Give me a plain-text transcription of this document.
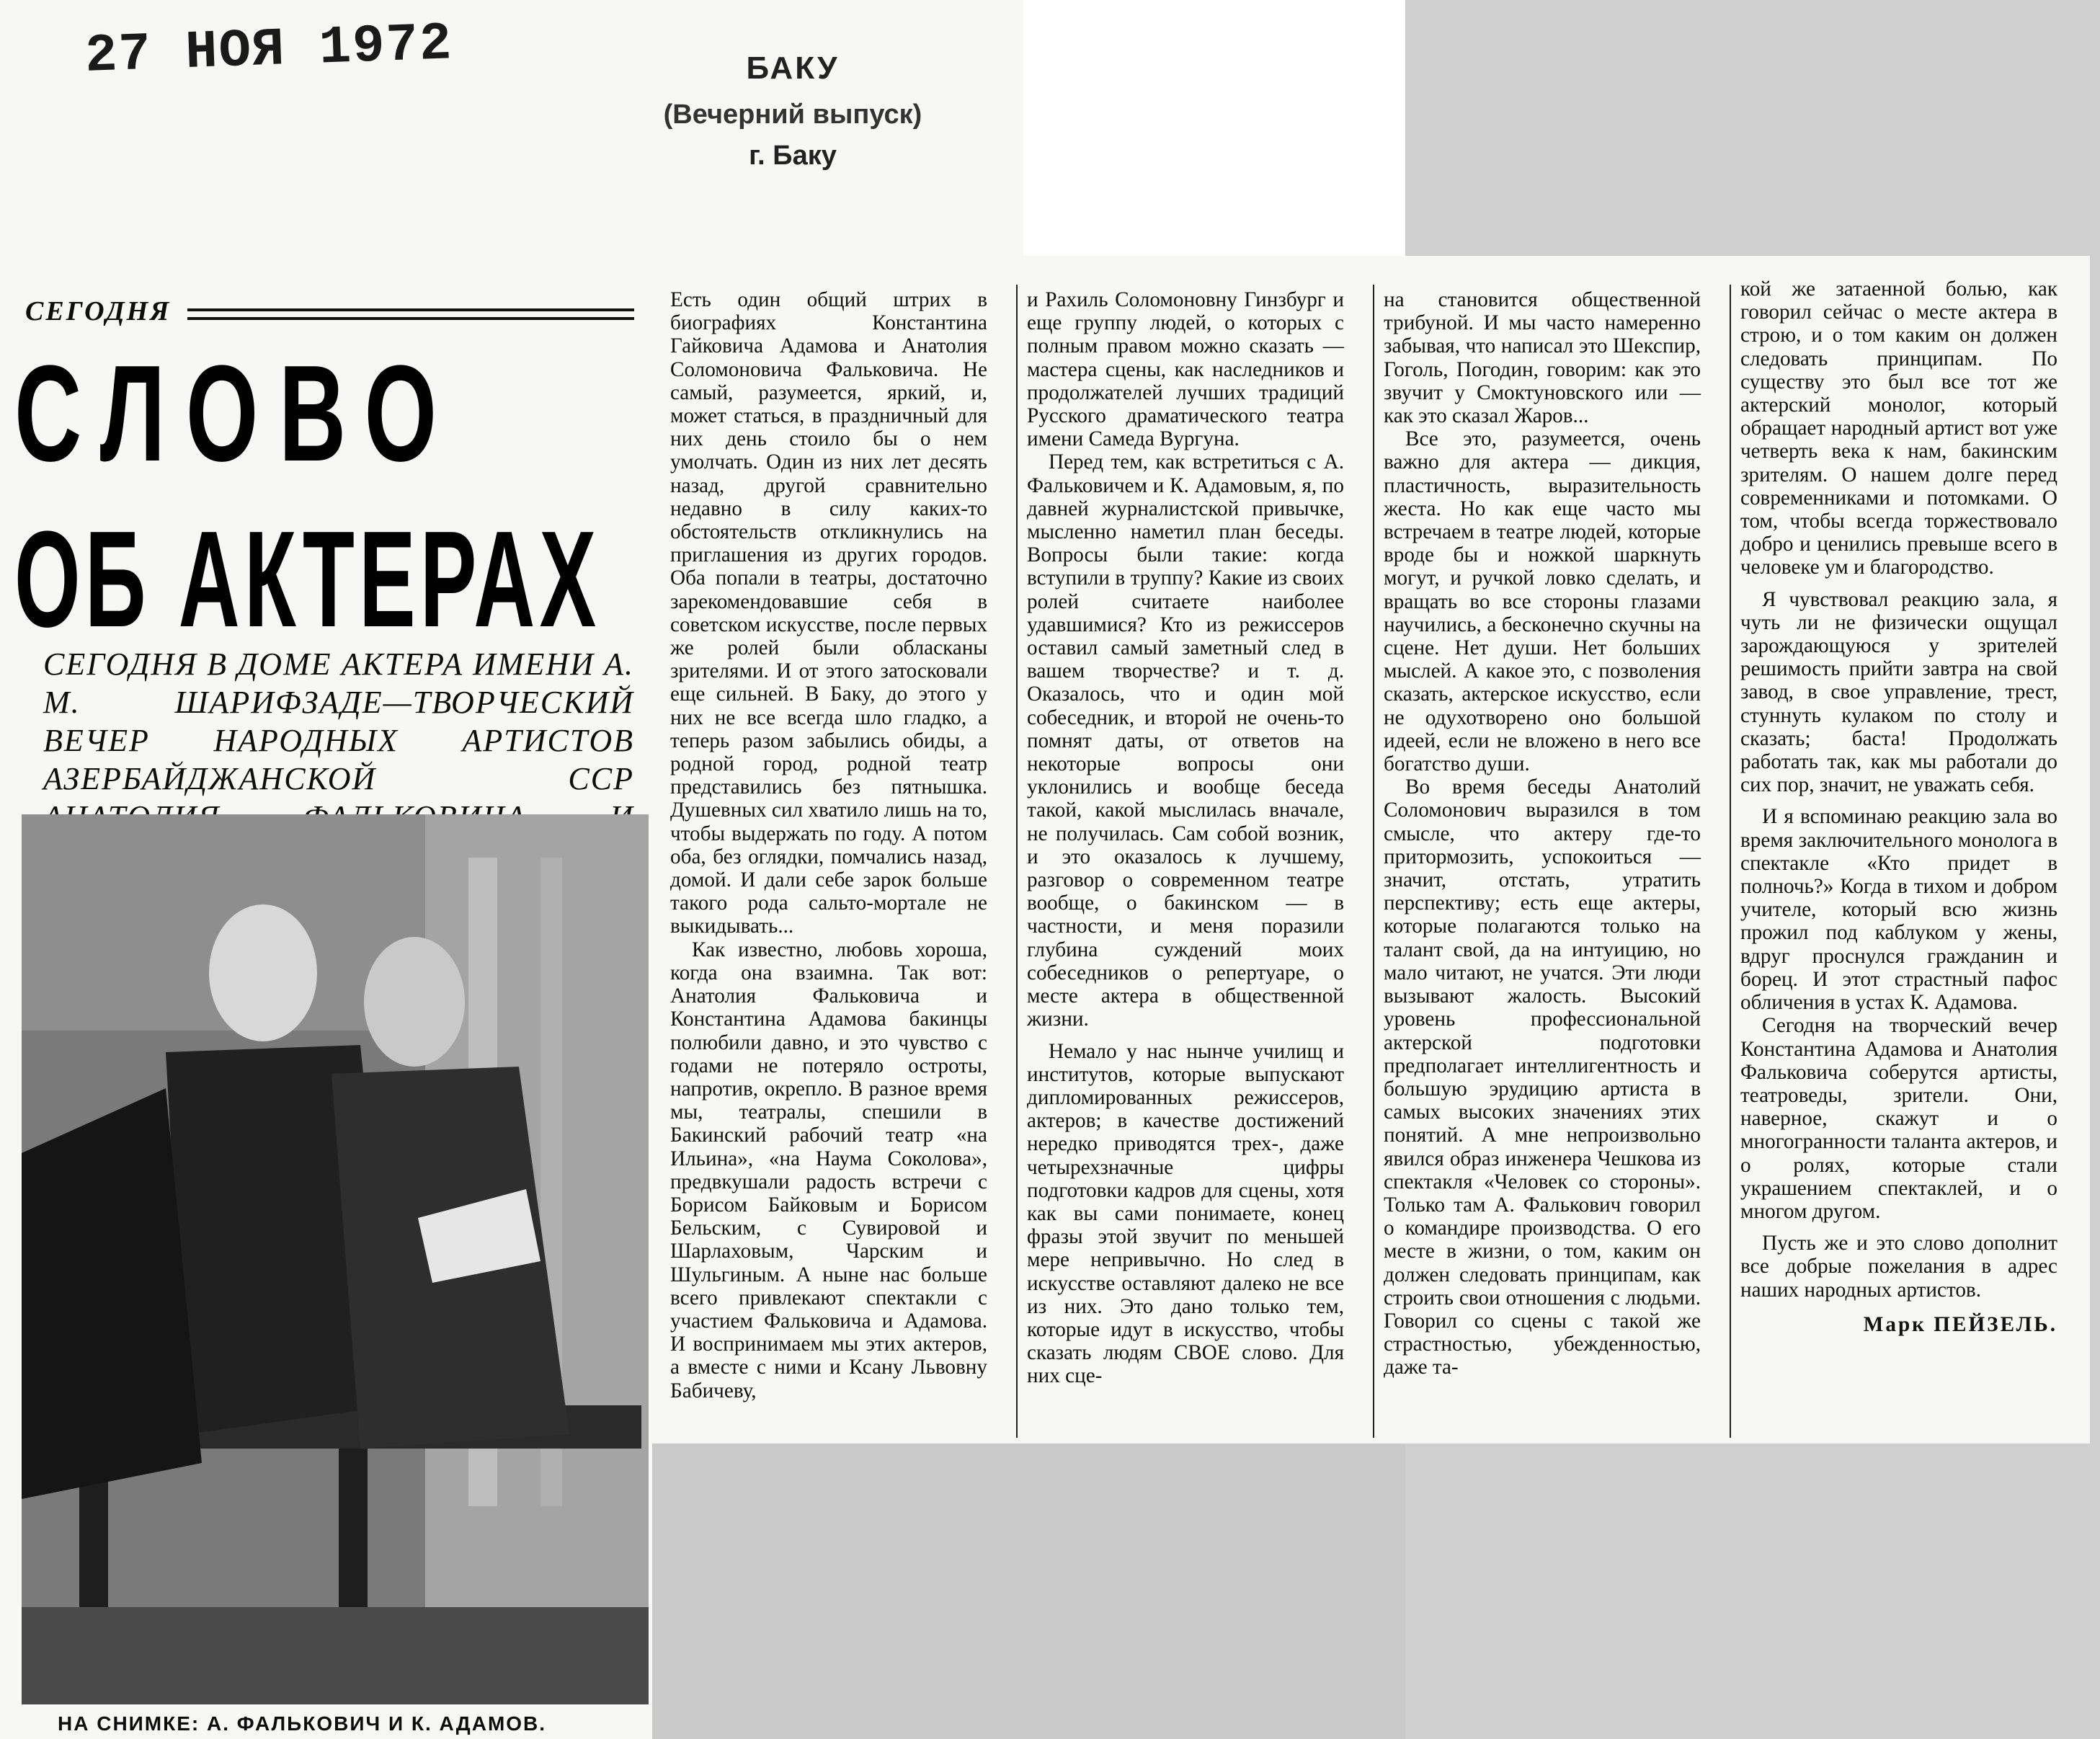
27 НОЯ 1972	БАКУ
(Вечерний выпуск)
г. Баку
СЕГОДНЯ
СЛОВО
ОБ АКТЕРАХ
СЕГОДНЯ В ДОМЕ АКТЕРА ИМЕНИ А. М. ШАРИФЗАДЕ—ТВОРЧЕСКИЙ ВЕЧЕР НАРОДНЫХ АРТИСТОВ АЗЕРБАЙДЖАНСКОЙ ССР
НА СНИМКЕ: А. ФАЛЬКОВИЧ И К. АДАМОВ.

Есть один общий штрих в биографиях Константина Гайковича Адамова и Анатолия Соломоновича Фальковича. Не самый, разумеется, яркий, и, может статься, в праздничный для них день стоило бы о нем умолчать. Один из них лет десять назад, другой сравнительно недавно в силу каких-то обстоятельств откликнулись на приглашения из других городов. Оба попали в театры, достаточно зарекомендовавшие себя в советском искусстве, после первых же ролей были обласканы зрителями. И от этого затосковали еще сильней. В Баку, до этого у них не все всегда шло гладко, а теперь разом забылись обиды, а родной город, родной театр представились без пятнышка. Душевных сил хватило лишь на то, чтобы выдержать по году. А потом оба, без оглядки, помчались назад, домой. И дали себе зарок больше такого рода сальто-мортале не выкидывать...

Как известно, любовь хороша, когда она взаимна. Так вот: Анатолия Фальковича и Константина Адамова бакинцы полюбили давно, и это чувство с годами не потеряло остроты, напротив, окрепло. В разное время мы, театралы, спешили в Бакинский рабочий театр «на Ильина», «на Наума Соколова», предвкушали радость встречи с Борисом Байковым и Борисом Бельским, с Сувировой и Шарлаховым, Чарским и Шульгиным. А ныне нас больше всего привлекают спектакли с участием Фальковича и Адамова. И воспринимаем мы этих актеров, а вместе с ними и Ксану Львовну Бабичеву,

и Рахиль Соломоновну Гинзбург и еще группу людей, о которых с полным правом можно сказать — мастера сцены, как наследников и продолжателей лучших традиций Русского драматического театра имени Самеда Вургуна.

Перед тем, как встретиться с А. Фальковичем и К. Адамовым, я, по давней журналистской привычке, мысленно наметил план беседы. Вопросы были такие: когда вступили в труппу? Какие из своих ролей считаете наиболее удавшимися? Кто из режиссеров оставил самый заметный след в вашем творчестве? и т. д. Оказалось, что и один мой собеседник, и второй не очень-то помнят даты, от ответов на некоторые вопросы они уклонились и вообще беседа такой, какой мыслилась вначале, не получилась. Сам собой возник, и это оказалось к лучшему, разговор о современном театре вообще, о бакинском — в частности, и меня поразили глубина суждений моих собеседников о репертуаре, о месте актера в общественной жизни.

Немало у нас нынче училищ и институтов, которые выпускают дипломированных режиссеров, актеров; в качестве достижений нередко приводятся трех-, даже четырехзначные цифры подготовки кадров для сцены, хотя как вы сами понимаете, конец фразы этой звучит по меньшей мере непривычно. Но след в искусстве оставляют далеко не все из них. Это дано только тем, которые идут в искусство, чтобы сказать людям СВОЕ слово. Для них сце-

на становится общественной трибуной. И мы часто намеренно забывая, что написал это Шекспир, Гоголь, Погодин, говорим: как это звучит у Смоктуновского или — как это сказал Жаров...

Все это, разумеется, очень важно для актера — дикция, пластичность, выразительность жеста. Но как еще часто мы встречаем в театре людей, которые вроде бы и ножкой шаркнуть могут, и ручкой ловко сделать, и вращать во все стороны глазами научились, а бесконечно скучны на сцене. Нет души. Нет больших мыслей. А какое это, с позволения сказать, актерское искусство, если не одухотворено оно большой идеей, если не вложено в него все богатство души.

Во время беседы Анатолий Соломонович выразился в том смысле, что актеру где-то притормозить, успокоиться — значит, отстать, утратить перспективу; есть еще актеры, которые полагаются только на талант свой, да на интуицию, но мало читают, не учатся. Эти люди вызывают жалость. Высокий уровень профессиональной актерской подготовки предполагает интеллигентность и большую эрудицию артиста в самых высоких значениях этих понятий. А мне непроизвольно явился образ инженера Чешкова из спектакля «Человек со стороны». Только там А. Фалькович говорил о командире производства. О его месте в жизни, о том, каким он должен следовать принципам, как строить свои отношения с людьми. Говорил со сцены с такой же страстностью, убежденностью, даже та-

кой же затаенной болью, как говорил сейчас о месте актера в строю, и о том каким он должен следовать принципам. По существу это был все тот же актерский монолог, который обращает народный артист вот уже четверть века к нам, бакинским зрителям. О нашем долге перед современниками и потомками. О том, чтобы всегда торжествовало добро и ценились превыше всего в человеке ум и благородство.

Я чувствовал реакцию зала, я чуть ли не физически ощущал зарождающуюся у зрителей решимость прийти завтра на свой завод, в свое управление, трест, стуннуть кулаком по столу и сказать; баста! Продолжать работать так, как мы работали до сих пор, значит, не уважать себя.

И я вспоминаю реакцию зала во время заключительного монолога в спектакле «Кто придет в полночь?» Когда в тихом и добром учителе, который всю жизнь прожил под каблуком у жены, вдруг проснулся гражданин и борец. И этот страстный пафос обличения в устах К. Адамова.

Сегодня на творческий вечер Константина Адамова и Анатолия Фальковича соберутся артисты, театроведы, зрители. Они, наверное, скажут и о многогранности таланта актеров, и о ролях, которые стали украшением спектаклей, и о многом другом.

Пусть же и это слово дополнит все добрые пожелания в адрес наших народных артистов.

Марк ПЕЙЗЕЛЬ.
